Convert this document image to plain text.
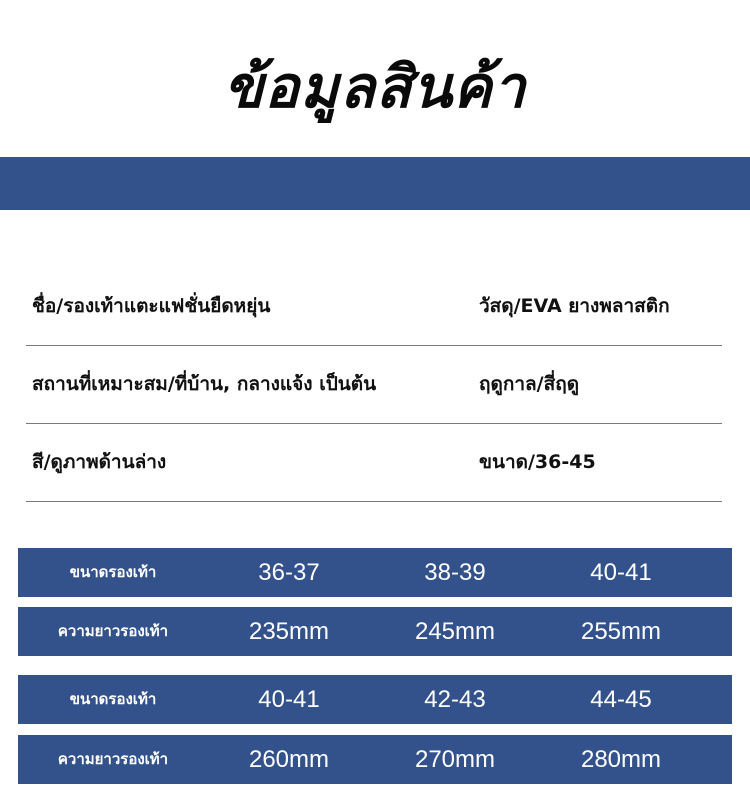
ข้อมูลสินค้า
ชื่อ/รองเท้าแตะแฟชั่นยืดหยุ่น	วัสดุ/EVA ยางพลาสติก
สถานที่เหมาะสม/ที่บ้าน, กลางแจ้ง เป็นต้น	ฤดูกาล/สี่ฤดู
สี/ดูภาพด้านล่าง	ขนาด/36-45
ขนาดรองเท้า	36-37	38-39	40-41
ความยาวรองเท้า	235mm	245mm	255mm
ขนาดรองเท้า	40-41	42-43	44-45
ความยาวรองเท้า	260mm	270mm	280mm
